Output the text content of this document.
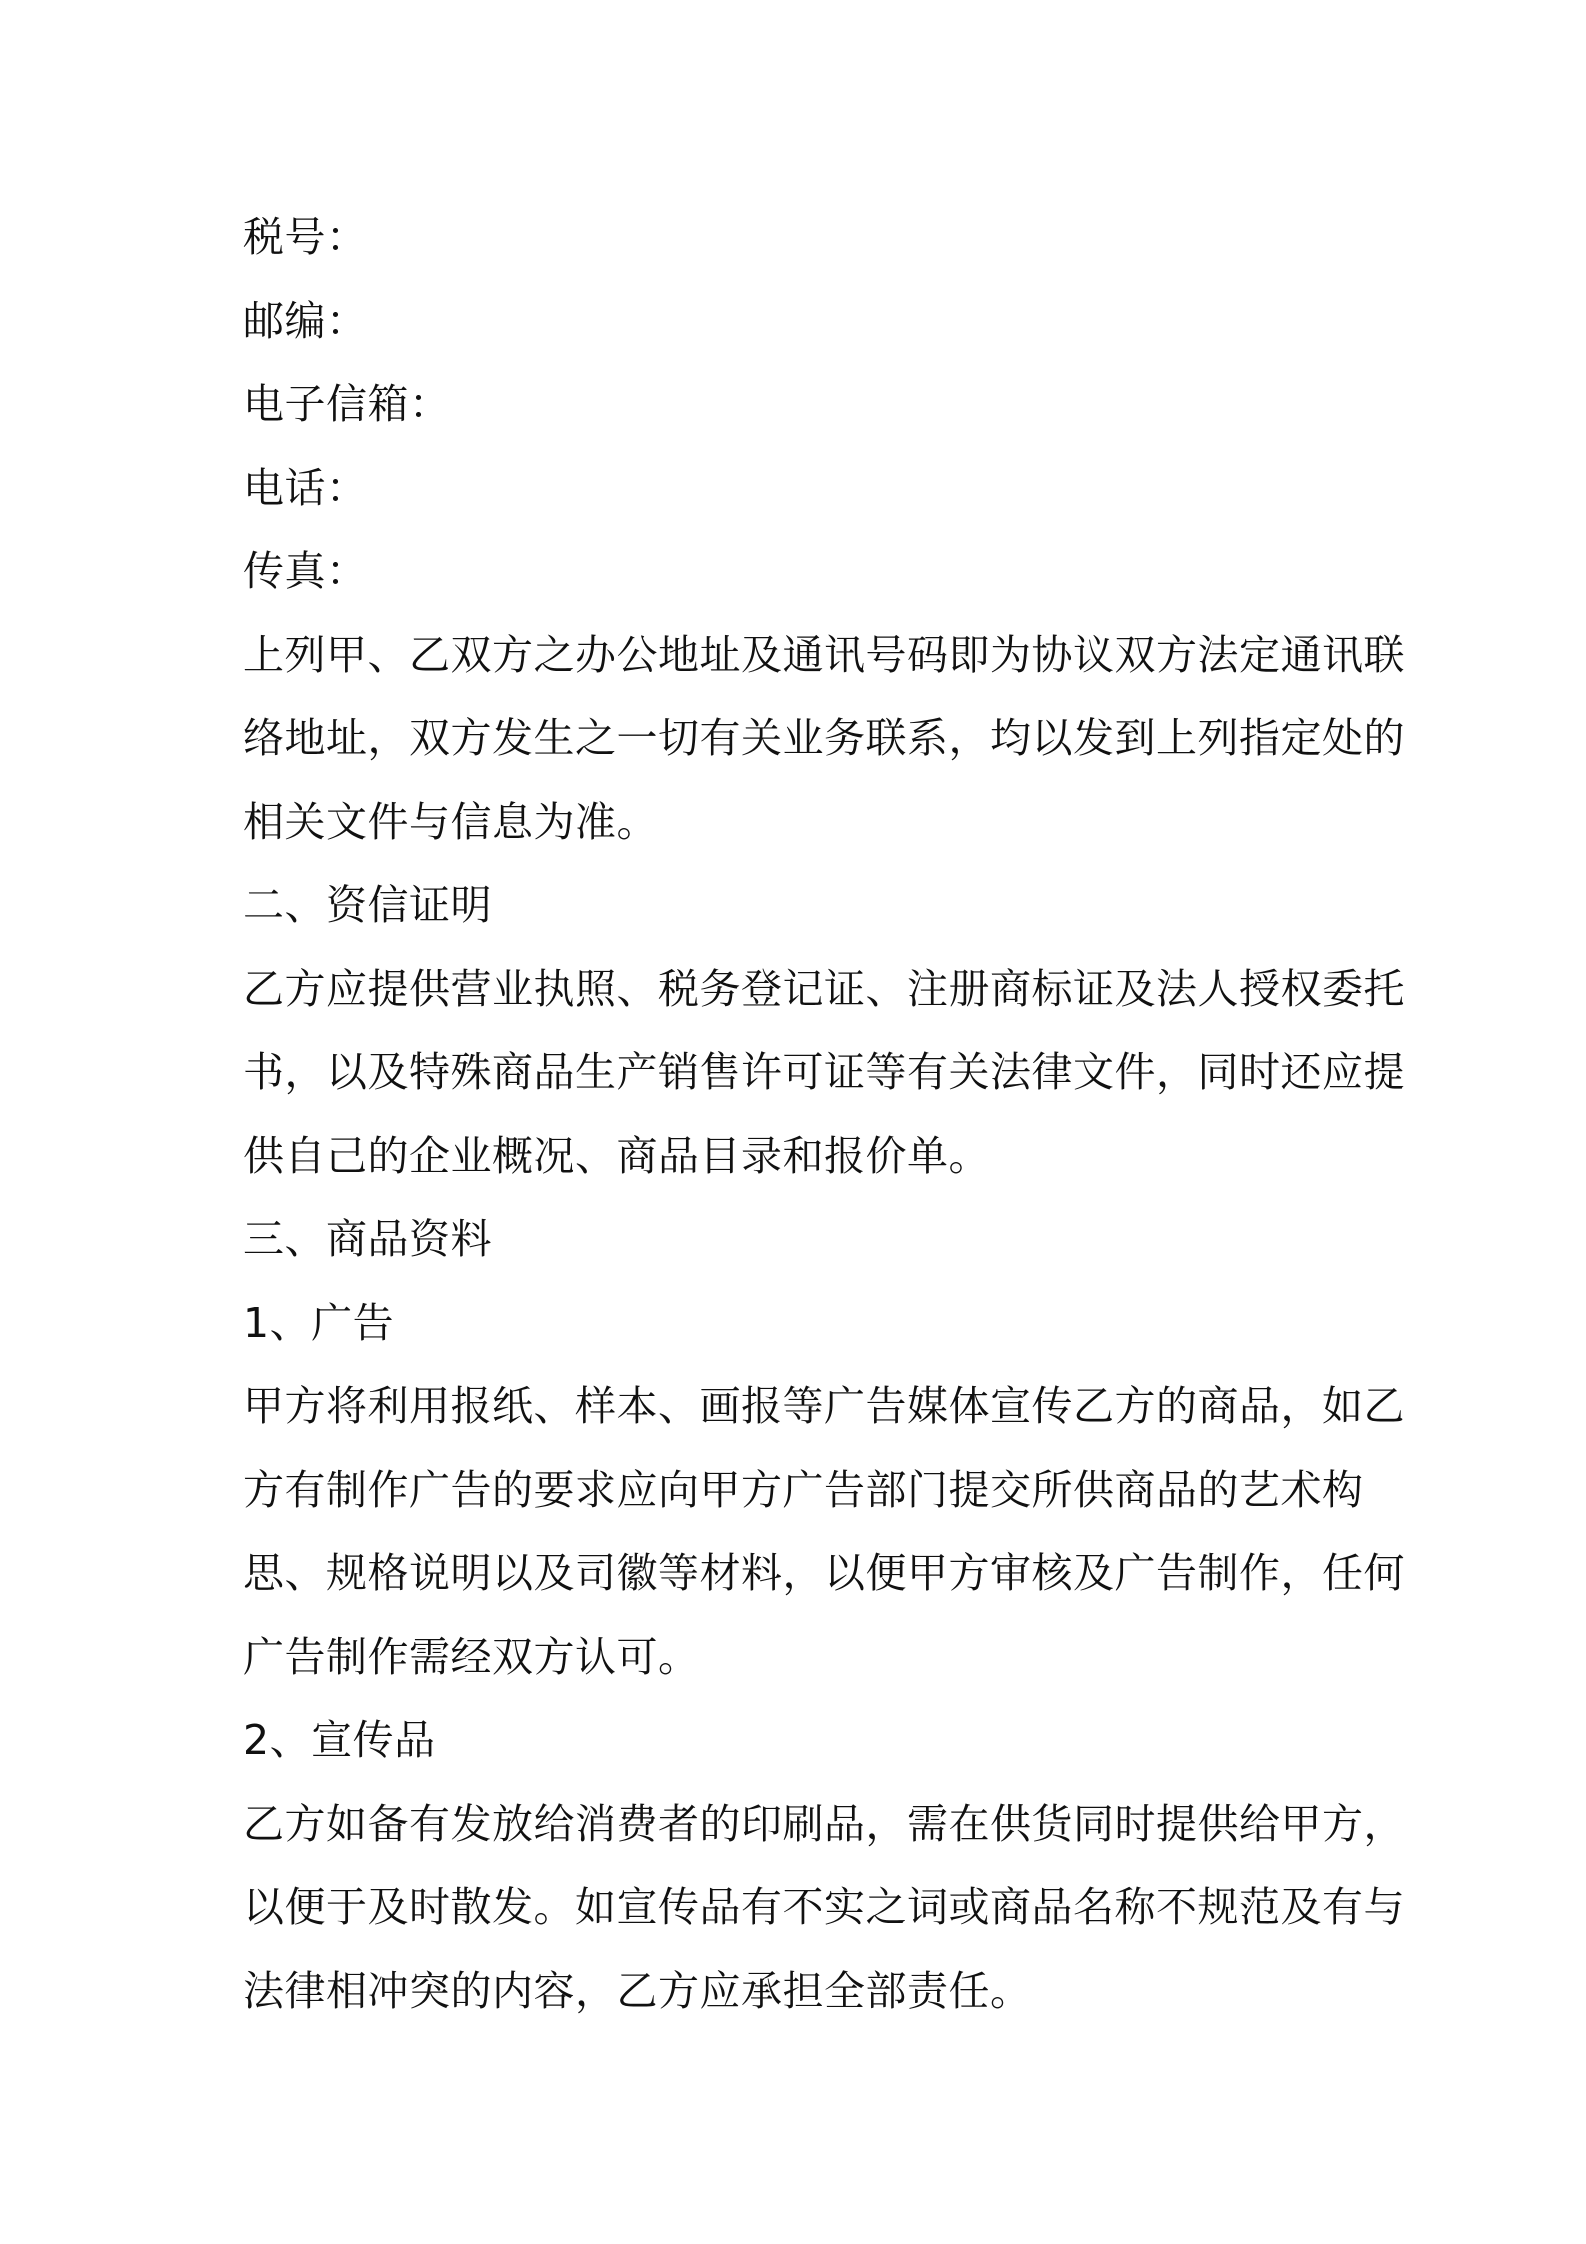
税号：
邮编：
电子信箱：
电话：
传真：
上列甲、乙双方之办公地址及通讯号码即为协议双方法定通讯联
络地址，双方发生之一切有关业务联系，均以发到上列指定处的
相关文件与信息为准。
二、资信证明
乙方应提供营业执照、税务登记证、注册商标证及法人授权委托
书，以及特殊商品生产销售许可证等有关法律文件，同时还应提
供自己的企业概况、商品目录和报价单。
三、商品资料
1、广告
甲方将利用报纸、样本、画报等广告媒体宣传乙方的商品，如乙
方有制作广告的要求应向甲方广告部门提交所供商品的艺术构
思、规格说明以及司徽等材料，以便甲方审核及广告制作，任何
广告制作需经双方认可。
2、宣传品
乙方如备有发放给消费者的印刷品，需在供货同时提供给甲方，
以便于及时散发。如宣传品有不实之词或商品名称不规范及有与
法律相冲突的内容，乙方应承担全部责任。
